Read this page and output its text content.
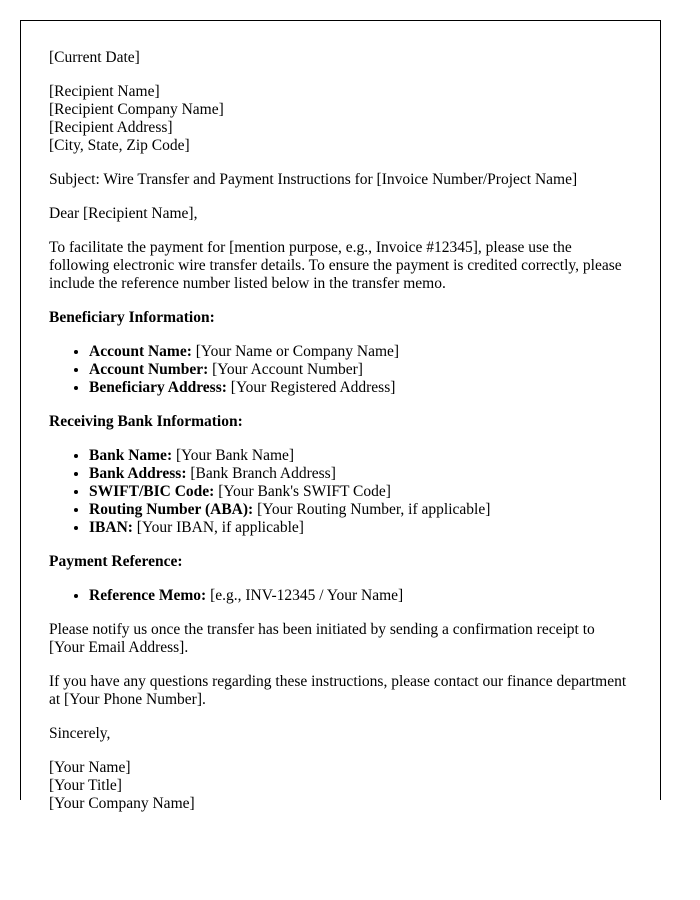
[Current Date]

[Recipient Name]
[Recipient Company Name]
[Recipient Address]
[City, State, Zip Code]

Subject: Wire Transfer and Payment Instructions for [Invoice Number/Project Name]

Dear [Recipient Name],

To facilitate the payment for [mention purpose, e.g., Invoice #12345], please use the following electronic wire transfer details. To ensure the payment is credited correctly, please include the reference number listed below in the transfer memo.

Beneficiary Information:

• Account Name: [Your Name or Company Name]
• Account Number: [Your Account Number]
• Beneficiary Address: [Your Registered Address]

Receiving Bank Information:

• Bank Name: [Your Bank Name]
• Bank Address: [Bank Branch Address]
• SWIFT/BIC Code: [Your Bank's SWIFT Code]
• Routing Number (ABA): [Your Routing Number, if applicable]
• IBAN: [Your IBAN, if applicable]

Payment Reference:

• Reference Memo: [e.g., INV-12345 / Your Name]

Please notify us once the transfer has been initiated by sending a confirmation receipt to [Your Email Address].

If you have any questions regarding these instructions, please contact our finance department at [Your Phone Number].

Sincerely,

[Your Name]
[Your Title]
[Your Company Name]
